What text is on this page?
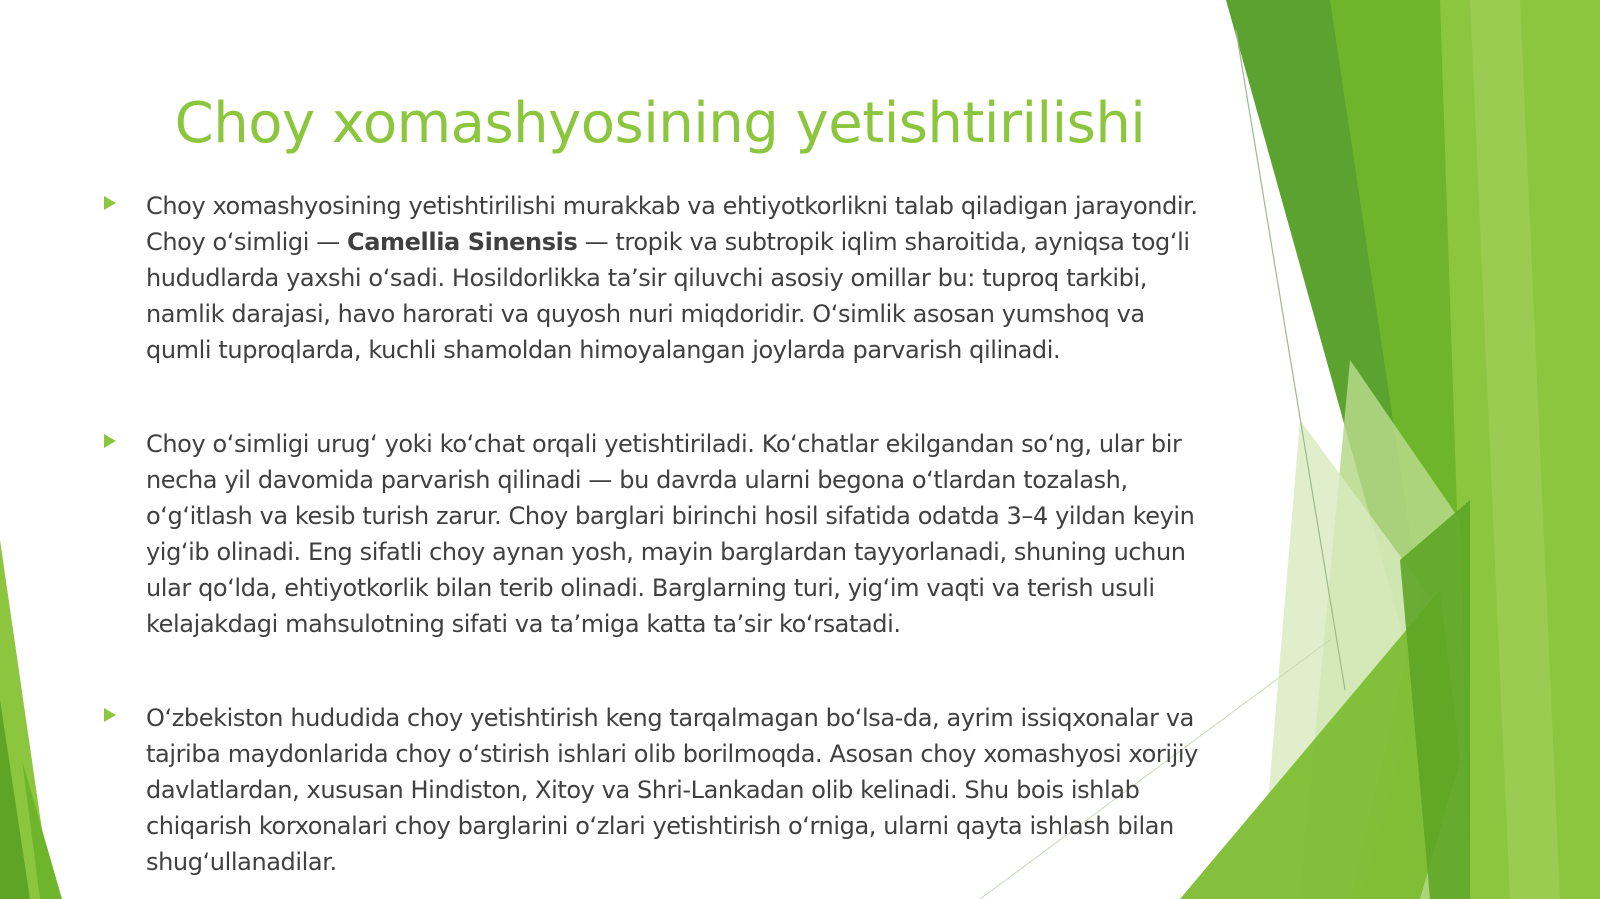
Choy xomashyosining yetishtirilishi
Choy xomashyosining yetishtirilishi murakkab va ehtiyotkorlikni talab qiladigan jarayondir. Choy o‘simligi — Camellia Sinensis — tropik va subtropik iqlim sharoitida, ayniqsa tog‘li hududlarda yaxshi o‘sadi. Hosildorlikka ta’sir qiluvchi asosiy omillar bu: tuproq tarkibi, namlik darajasi, havo harorati va quyosh nuri miqdoridir. O‘simlik asosan yumshoq va qumli tuproqlarda, kuchli shamoldan himoyalangan joylarda parvarish qilinadi.
Choy o‘simligi urug‘ yoki ko‘chat orqali yetishtiriladi. Ko‘chatlar ekilgandan so‘ng, ular bir necha yil davomida parvarish qilinadi — bu davrda ularni begona o‘tlardan tozalash, o‘g‘itlash va kesib turish zarur. Choy barglari birinchi hosil sifatida odatda 3–4 yildan keyin yig‘ib olinadi. Eng sifatli choy aynan yosh, mayin barglardan tayyorlanadi, shuning uchun ular qo‘lda, ehtiyotkorlik bilan terib olinadi. Barglarning turi, yig‘im vaqti va terish usuli kelajakdagi mahsulotning sifati va ta’miga katta ta’sir ko‘rsatadi.
O‘zbekiston hududida choy yetishtirish keng tarqalmagan bo‘lsa-da, ayrim issiqxonalar va tajriba maydonlarida choy o‘stirish ishlari olib borilmoqda. Asosan choy xomashyosi xorijiy davlatlardan, xususan Hindiston, Xitoy va Shri-Lankadan olib kelinadi. Shu bois ishlab chiqarish korxonalari choy barglarini o‘zlari yetishtirish o‘rniga, ularni qayta ishlash bilan shug‘ullanadilar.
